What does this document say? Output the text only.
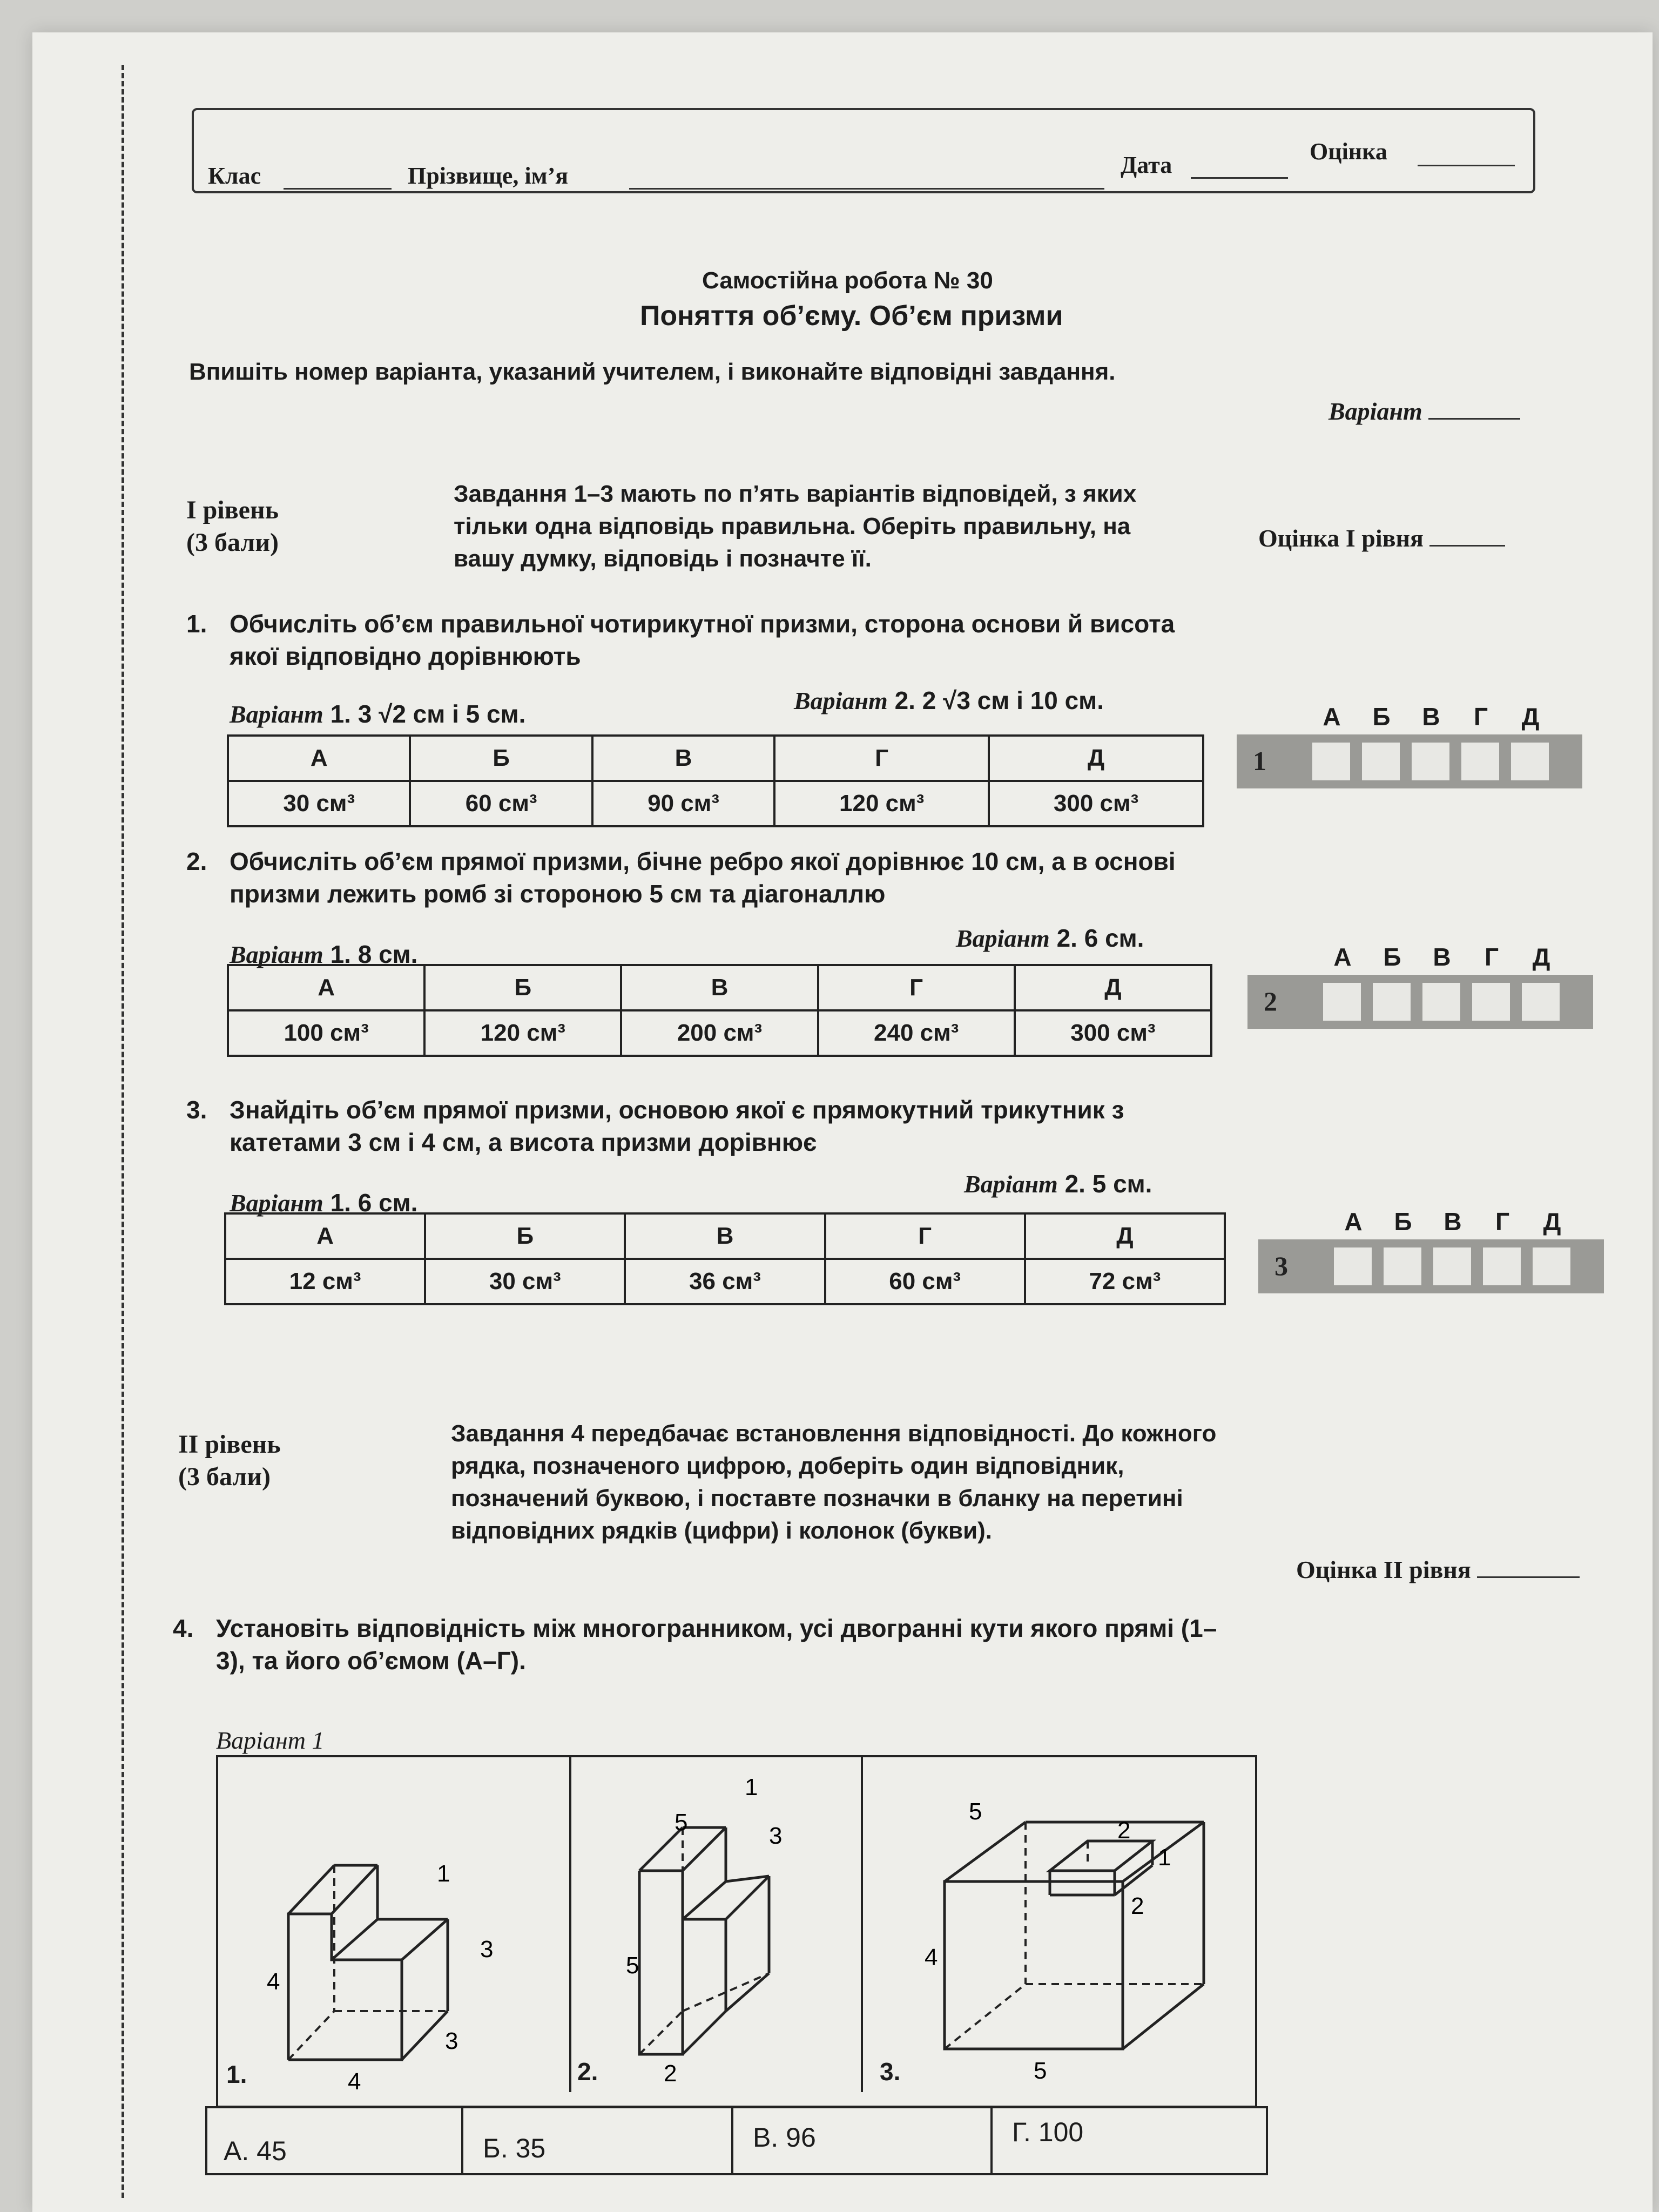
Клас	Прізвище, ім’я	Дата
Оцінка
Самостійна робота № 30
Поняття об’єму. Об’єм призми
Впишіть номер варіанта, указаний учителем, і виконайте відповідні завдання.
Варіант
I рівень
(3 бали)
Завдання 1–3 мають по п’ять варіантів відповідей, з яких тільки одна відповідь правильна. Оберіть правильну, на вашу думку, відповідь і позначте її.
Оцінка I рівня
1. Обчисліть об’єм правильної чотирикутної призми, сторона основи й висота якої відповідно дорівнюють
Варіант 1. 3 √2 см і 5 см.	Варіант 2. 2 √3 см і 10 см.
А	Б	В	Г	Д
30 см³	60 см³	90 см³	120 см³	300 см³
А Б В Г Д
1
2. Обчисліть об’єм прямої призми, бічне ребро якої дорівнює 10 см, а в основі призми лежить ромб зі стороною 5 см та діагоналлю
Варіант 1. 8 см.
Варіант 2. 6 см.
А	Б	В	Г	Д
100 см³	120 см³	200 см³	240 см³	300 см³
А Б В Г Д
2
3. Знайдіть об’єм прямої призми, основою якої є прямокутний трикутник з катетами 3 см і 4 см, а висота призми дорівнює
Варіант 1. 6 см.
Варіант 2. 5 см.
А	Б	В	Г	Д
12 см³	30 см³	36 см³	60 см³	72 см³
А Б В Г Д
3
II рівень
(3 бали)
Завдання 4 передбачає встановлення відповідності. До кожного рядка, позначеного цифрою, доберіть один відповідник, позначений буквою, і поставте позначки в бланку на перетині відповідних рядків (цифри) і колонок (букви).
Оцінка II рівня
4. Установіть відповідність між многогранником, усі двогранні кути якого прямі (1–3), та його об’ємом (А–Г).
Варіант 1
1
3
4
3
4
1.
1
5
3
5
2
2.
5
2
1
2
4
5
3.
А. 45	Б. 35	В. 96	Г. 100
